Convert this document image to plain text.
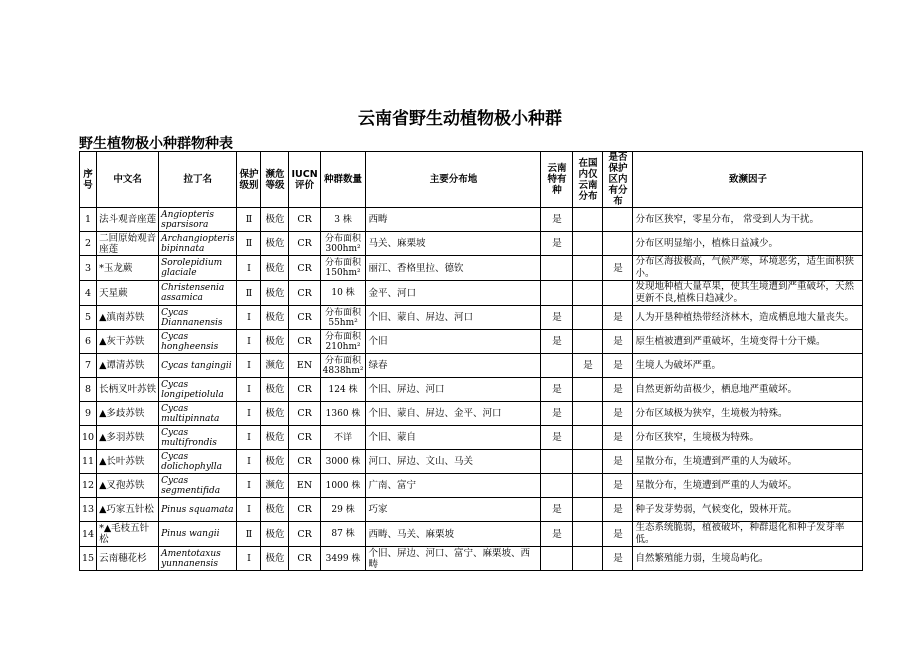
云南省野生动植物极小种群
野生植物极小种群物种表
序号	中文名	拉丁名	保护级别	濒危等级	IUCN评价	种群数量	主要分布地	云南特有种	在国内仅云南分布	是否保护区内有分布	致濒因子
1	法斗观音座莲	Angiopteris sparsisora	Ⅱ	极危	CR	3 株	西畴	是			分布区狭窄，零星分布， 常受到人为干扰。
2	二回原始观音座莲	Archangiopteris bipinnata	Ⅱ	极危	CR	分布面积 300hm²	马关、麻栗坡	是			分布区明显缩小，植株日益减少。
3	*玉龙蕨	Sorolepidium glaciale	Ⅰ	极危	CR	分布面积 150hm²	丽江、香格里拉、德钦			是	分布区海拔极高，气候严寒，环境恶劣，适生面积狭小。
4	天星蕨	Christensenia assamica	Ⅱ	极危	CR	10 株	金平、河口				发现地种植大量草果，使其生境遭到严重破坏，天然更新不良,植株日趋减少。
5	▲滇南苏铁	Cycas Diannanensis	Ⅰ	极危	CR	分布面积 55hm²	个旧、蒙自、屏边、河口	是		是	人为开垦种植热带经济林木，造成栖息地大量丧失。
6	▲灰干苏铁	Cycas hongheensis	Ⅰ	极危	CR	分布面积 210hm²	个旧	是		是	原生植被遭到严重破坏，生境变得十分干燥。
7	▲谭清苏铁	Cycas tangingii	Ⅰ	濒危	EN	分布面积 4838hm²	绿春		是	是	生境人为破坏严重。
8	长柄叉叶苏铁	Cycas longipetiolula	Ⅰ	极危	CR	124 株	个旧、屏边、河口	是		是	自然更新幼苗极少，栖息地严重破坏。
9	▲多歧苏铁	Cycas multipinnata	Ⅰ	极危	CR	1360 株	个旧、蒙自、屏边、金平、河口	是		是	分布区域极为狭窄，生境极为特殊。
10	▲多羽苏铁	Cycas multifrondis	Ⅰ	极危	CR	不详	个旧、蒙自	是		是	分布区狭窄，生境极为特殊。
11	▲长叶苏铁	Cycas dolichophylla	Ⅰ	极危	CR	3000 株	河口、屏边、文山、马关			是	星散分布，生境遭到严重的人为破坏。
12	▲叉孢苏铁	Cycas segmentifida	Ⅰ	濒危	EN	1000 株	广南、富宁			是	星散分布，生境遭到严重的人为破坏。
13	▲巧家五针松	Pinus squamata	Ⅰ	极危	CR	29 株	巧家	是		是	种子发芽势弱，气候变化，毁林开荒。
14	*▲毛枝五针松	Pinus wangii	Ⅱ	极危	CR	87 株	西畴、马关、麻栗坡	是		是	生态系统脆弱，植被破坏，种群退化和种子发芽率低。
15	云南穗花杉	Amentotaxus yunnanensis	Ⅰ	极危	CR	3499 株	个旧、屏边、河口、富宁、麻栗坡、西畴			是	自然繁殖能力弱，生境岛屿化。
